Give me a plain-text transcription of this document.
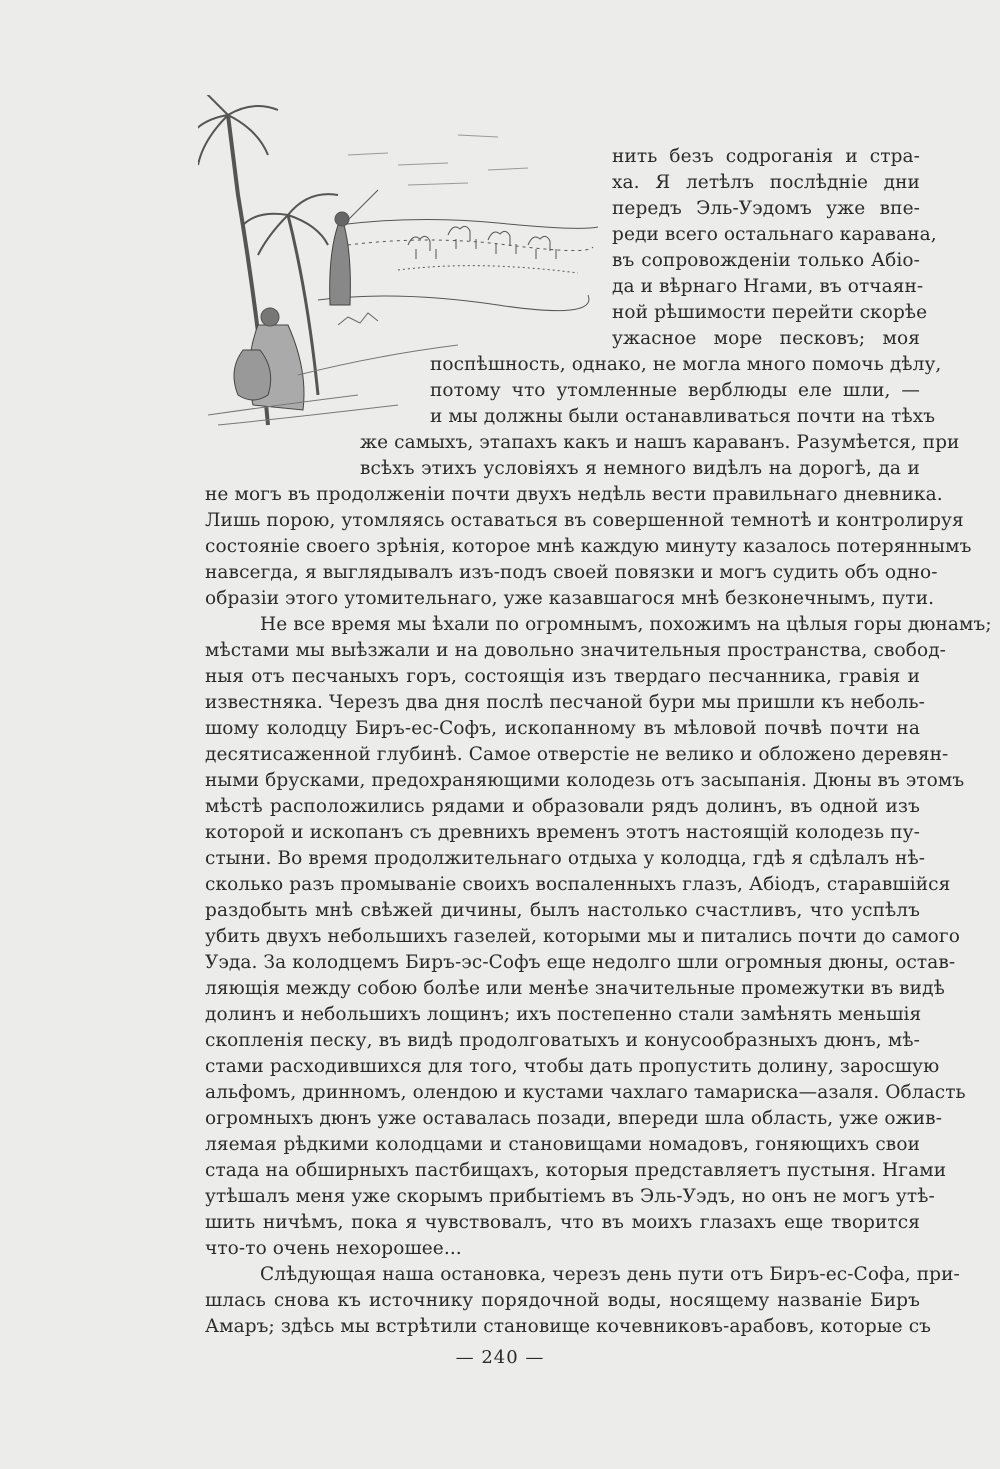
нить безъ содроганія и стра-
ха. Я летѣлъ послѣдніе дни
передъ Эль-Уэдомъ уже впе-
реди всего остальнаго каравана,
въ сопровожденіи только Абіо-
да и вѣрнаго Нгами, въ отчаян-
ной рѣшимости перейти скорѣе
ужасное море песковъ; моя
поспѣшность, однако, не могла много помочь дѣлу,
потому что утомленные верблюды еле шли, —
и мы должны были останавливаться почти на тѣхъ
же самыхъ, этапахъ какъ и нашъ караванъ. Разумѣется, при
всѣхъ этихъ условіяхъ я немного видѣлъ на дорогѣ, да и
не могъ въ продолженіи почти двухъ недѣль вести правильнаго дневника.
Лишь порою, утомляясь оставаться въ совершенной темнотѣ и контролируя
состояніе своего зрѣнія, которое мнѣ каждую минуту казалось потеряннымъ
навсегда, я выглядывалъ изъ-подъ своей повязки и могъ судить объ одно-
образіи этого утомительнаго, уже казавшагося мнѣ безконечнымъ, пути.
Не все время мы ѣхали по огромнымъ, похожимъ на цѣлыя горы дюнамъ;
мѣстами мы выѣзжали и на довольно значительныя пространства, свобод-
ныя отъ песчаныхъ горъ, состоящія изъ твердаго песчанника, гравія и
известняка. Черезъ два дня послѣ песчаной бури мы пришли къ неболь-
шому колодцу Биръ-ес-Софъ, ископанному въ мѣловой почвѣ почти на
десятисаженной глубинѣ. Самое отверстіе не велико и обложено деревян-
ными брусками, предохраняющими колодезь отъ засыпанія. Дюны въ этомъ
мѣстѣ расположились рядами и образовали рядъ долинъ, въ одной изъ
которой и ископанъ съ древнихъ временъ этотъ настоящій колодезь пу-
стыни. Во время продолжительнаго отдыха у колодца, гдѣ я сдѣлалъ нѣ-
сколько разъ промываніе своихъ воспаленныхъ глазъ, Абіодъ, старавшійся
раздобыть мнѣ свѣжей дичины, былъ настолько счастливъ, что успѣлъ
убить двухъ небольшихъ газелей, которыми мы и питались почти до самого
Уэда. За колодцемъ Биръ-эс-Софъ еще недолго шли огромныя дюны, остав-
ляющія между собою болѣе или менѣе значительные промежутки въ видѣ
долинъ и небольшихъ лощинъ; ихъ постепенно стали замѣнять меньшія
скопленія песку, въ видѣ продолговатыхъ и конусообразныхъ дюнъ, мѣ-
стами расходившихся для того, чтобы дать пропустить долину, заросшую
альфомъ, дринномъ, олендою и кустами чахлаго тамариска—азаля. Область
огромныхъ дюнъ уже оставалась позади, впереди шла область, уже ожив-
ляемая рѣдкими колодцами и становищами номадовъ, гоняющихъ свои
стада на обширныхъ пастбищахъ, которыя представляетъ пустыня. Нгами
утѣшалъ меня уже скорымъ прибытіемъ въ Эль-Уэдъ, но онъ не могъ утѣ-
шить ничѣмъ, пока я чувствовалъ, что въ моихъ глазахъ еще творится
что-то очень нехорошее...
Слѣдующая наша остановка, черезъ день пути отъ Биръ-ес-Софа, при-
шлась снова къ источнику порядочной воды, носящему названіе Биръ
Амаръ; здѣсь мы встрѣтили становище кочевниковъ-арабовъ, которые съ
— 240 —
